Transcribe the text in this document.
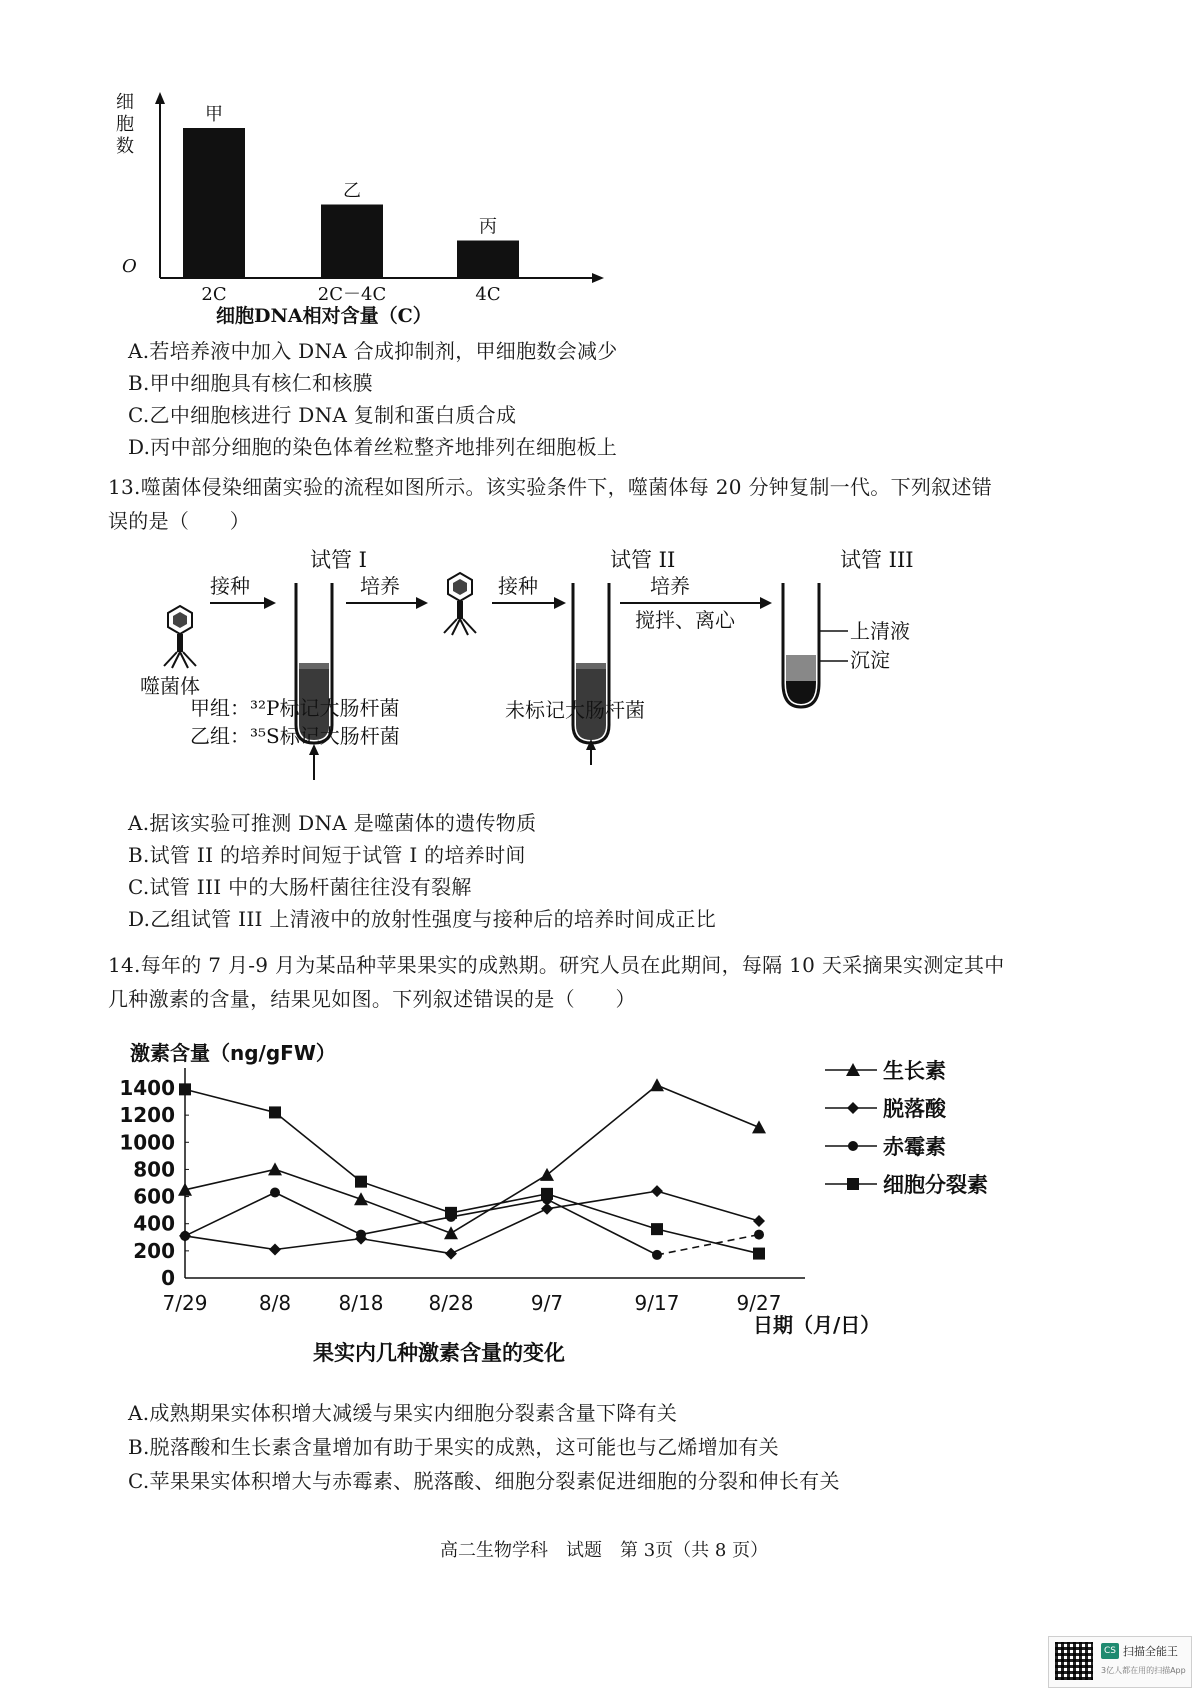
细
胞
数
O
甲
2C
乙
2C－4C
丙
4C
细胞DNA相对含量（C）
A.若培养液中加入 DNA 合成抑制剂，甲细胞数会减少
B.甲中细胞具有核仁和核膜
C.乙中细胞核进行 DNA 复制和蛋白质合成
D.丙中部分细胞的染色体着丝粒整齐地排列在细胞板上
13.噬菌体侵染细菌实验的流程如图所示。该实验条件下，噬菌体每 20 分钟复制一代。下列叙述错
误的是（　　）
试管 I	试管 II	试管 III
噬菌体
接种	培养	接种	培养
搅拌、离心	上清液
沉淀
甲组：³²P标记大肠杆菌
乙组：³⁵S标记大肠杆菌
未标记大肠杆菌
A.据该实验可推测 DNA 是噬菌体的遗传物质
B.试管 II 的培养时间短于试管 I 的培养时间
C.试管 III 中的大肠杆菌往往没有裂解
D.乙组试管 III 上清液中的放射性强度与接种后的培养时间成正比
14.每年的 7 月-9 月为某品种苹果果实的成熟期。研究人员在此期间，每隔 10 天采摘果实测定其中
几种激素的含量，结果见如图。下列叙述错误的是（　　）
激素含量（ng/gFW）
0
200
400
600
800
1000
1200
1400
7/29	8/8 8/18 8/28	9/7	9/17	9/27
生长素
脱落酸
赤霉素
细胞分裂素
日期（月/日）
果实内几种激素含量的变化
A.成熟期果实体积增大减缓与果实内细胞分裂素含量下降有关
B.脱落酸和生长素含量增加有助于果实的成熟，这可能也与乙烯增加有关
C.苹果果实体积增大与赤霉素、脱落酸、细胞分裂素促进细胞的分裂和伸长有关
高二生物学科　试题　第 3页（共 8 页）
CS 扫描全能王
3亿人都在用的扫描App
